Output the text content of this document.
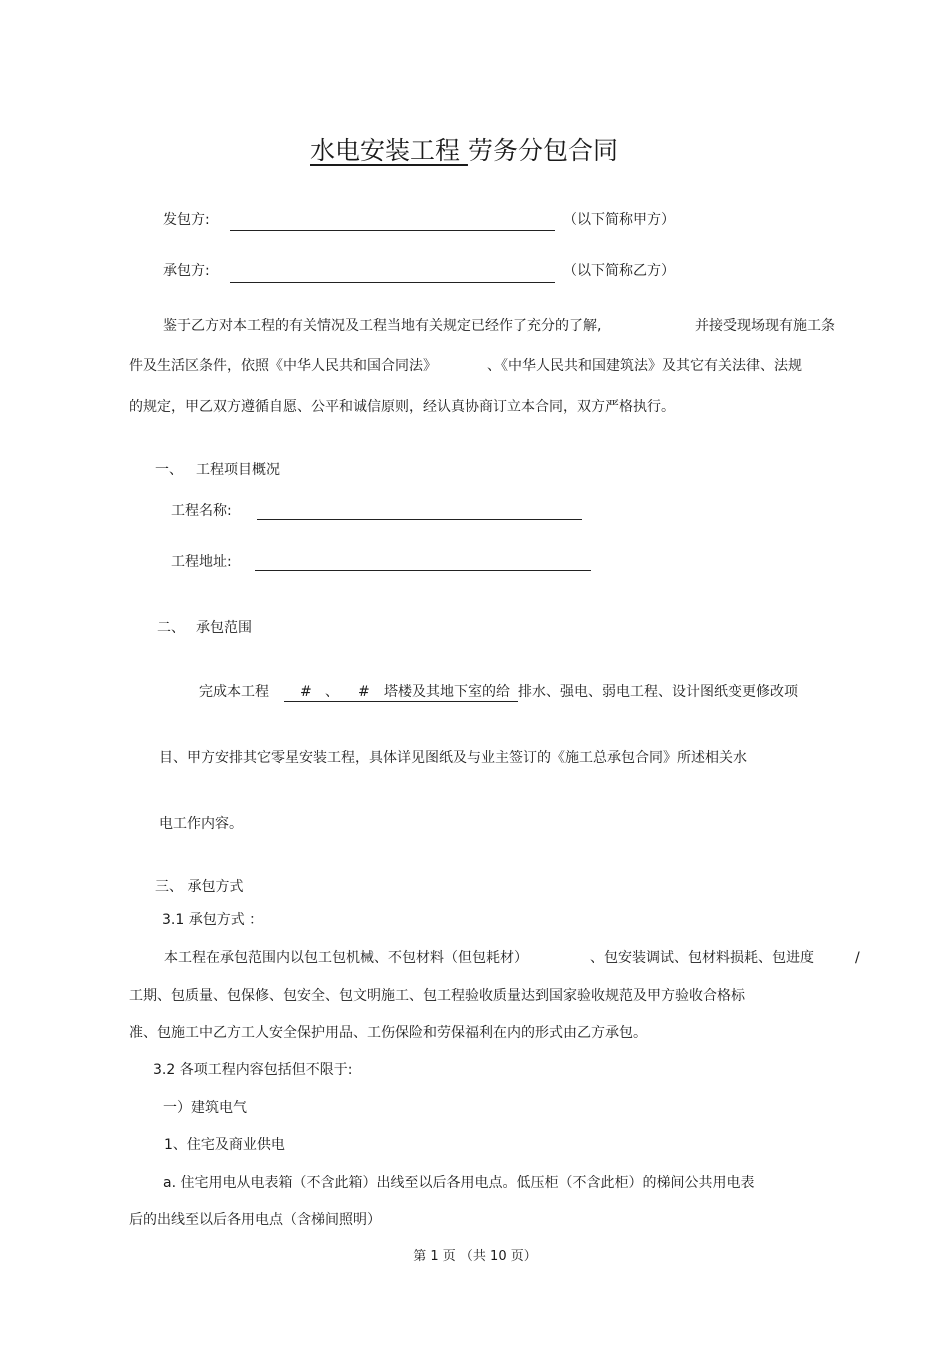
水电安装工程 劳务分包合同
发包方:	（以下简称甲方）
承包方:	（以下简称乙方）
鉴于乙方对本工程的有关情况及工程当地有关规定已经作了充分的了解,	并接受现场现有施工条
件及生活区条件，依照《中华人民共和国合同法》	、《中华人民共和国建筑法》及其它有关法律、法规
的规定，甲乙双方遵循自愿、公平和诚信原则，经认真协商订立本合同，双方严格执行。
一、 工程项目概况
工程名称:
工程地址:
二、 承包范围
完成本工程 # 、 # 塔楼及其地下室的给 排水、强电、弱电工程、设计图纸变更修改项
目、甲方安排其它零星安装工程，具体详见图纸及与业主签订的《施工总承包合同》所述相关水
电工作内容。
三、 承包方式
3.1 承包方式 ：
本工程在承包范围内以包工包机械、不包材料（但包耗材）	、包安装调试、包材料损耗、包进度	/
工期、包质量、包保修、包安全、包文明施工、包工程验收质量达到国家验收规范及甲方验收合格标
准、包施工中乙方工人安全保护用品、工伤保险和劳保福利在内的形式由乙方承包。
3.2 各项工程内容包括但不限于:
一）建筑电气
1、住宅及商业供电
a. 住宅用电从电表箱（不含此箱）出线至以后各用电点。低压柜（不含此柜）的梯间公共用电表
后的出线至以后各用电点（含梯间照明）
第 1 页 （共 10 页）
